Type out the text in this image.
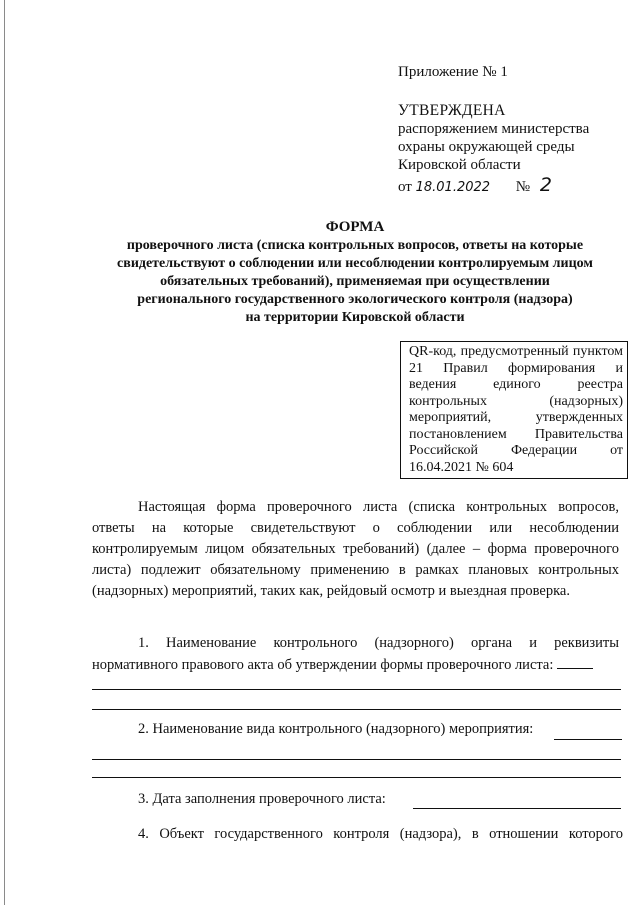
Приложение № 1
УТВЕРЖДЕНА
распоряжением министерства
охраны окружающей среды
Кировской области
от 18.01.2022 № 2
ФОРМА
проверочного листа (списка контрольных вопросов, ответы на которые
свидетельствуют о соблюдении или несоблюдении контролируемым лицом
обязательных требований), применяемая при осуществлении
регионального государственного экологического контроля (надзора)
на территории Кировской области
QR-код, предусмотренный пунктом 21 Правил формирования и ведения единого реестра контрольных (надзорных) мероприятий, утвержденных постановлением Правительства Российской Федерации от 16.04.2021 № 604
Настоящая форма проверочного листа (списка контрольных вопросов, ответы на которые свидетельствуют о соблюдении или несоблюдении контролируемым лицом обязательных требований) (далее – форма проверочного листа) подлежит обязательному применению в рамках плановых контрольных (надзорных) мероприятий, таких как, рейдовый осмотр и выездная проверка.
1. Наименование контрольного (надзорного) органа и реквизиты нормативного правового акта об утверждении формы проверочного листа:
2. Наименование вида контрольного (надзорного) мероприятия:
3. Дата заполнения проверочного листа:
4. Объект государственного контроля (надзора), в отношении которого
